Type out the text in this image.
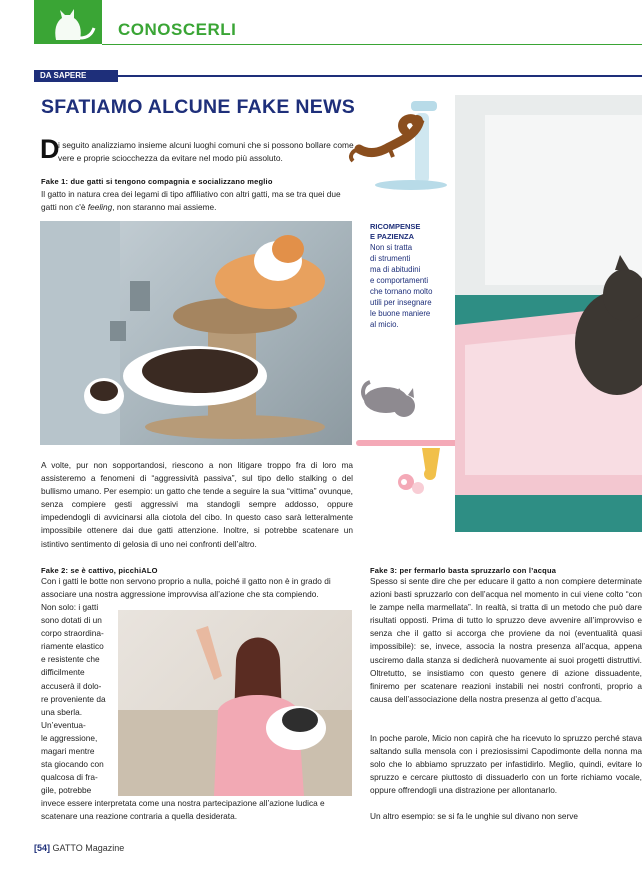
CONOSCERLI
DA SAPERE
SFATIAMO ALCUNE FAKE NEWS
D
i seguito analizziamo insieme alcuni luoghi comuni che si possono bollare come vere e proprie sciocchezza da evitare nel modo più assoluto.
Fake 1: due gatti si tengono compagnia e socializzano meglio
Il gatto in natura crea dei legami di tipo affiliativo con altri gatti, ma se tra quei due gatti non c'è feeling, non staranno mai assieme.
RICOMPENSE
E PAZIENZA
Non si tratta
di strumenti
ma di abitudini
e comportamenti
che tornano molto
utili per insegnare
le buone maniere
al micio.
A volte, pur non sopportandosi, riescono a non litigare troppo fra di loro ma assisteremo a fenomeni di “aggressività passiva”, sul tipo dello stalking o del bullismo umano. Per esempio: un gatto che tende a seguire la sua “vittima” ovunque, senza compiere gesti aggressivi ma standogli sempre addosso, oppure impedendogli di avvicinarsi alla ciotola del cibo. In questo caso sarà letteralmente impossibile ottenere dai due gatti attenzione. Inoltre, si potrebbe scatenare un istintivo sentimento di gelosia di uno nei confronti dell’altro.
Fake 2: se è cattivo, picchiALO
Con i gatti le botte non servono proprio a nulla, poiché il gatto non è in grado di associare una nostra aggressione improvvisa all’azione che sta compiendo.
Non solo: i gatti
sono dotati di un
corpo straordina-
riamente elastico
e resistente che
difficilmente
accuserà il dolo-
re proveniente da
una sberla.
Un’eventua-
le aggressione,
magari mentre
sta giocando con
qualcosa di fra-
gile, potrebbe
invece essere interpretata come una nostra partecipazione all’azione ludica e scatenare una reazione contraria a quella desiderata.
Fake 3: per fermarlo basta spruzzarlo con l’acqua
Spesso si sente dire che per educare il gatto a non compiere determinate azioni basti spruzzarlo con dell’acqua nel momento in cui viene colto “con le zampe nella marmellata”. In realtà, si tratta di un metodo che può dare risultati opposti. Prima di tutto lo spruzzo deve avvenire all’improvviso e senza che il gatto si accorga che proviene da noi (eventualità quasi impossibile): se, invece, associa la nostra presenza all’acqua, appena usciremo dalla stanza si dedicherà nuovamente ai suoi progetti distruttivi. Oltretutto, se insistiamo con questo genere di azione dissuadente, finiremo per scatenare reazioni instabili nei nostri confronti, proprio a causa dell’associazione della nostra presenza al getto d’acqua.
In poche parole, Micio non capirà che ha ricevuto lo spruzzo perché stava saltando sulla mensola con i preziosissimi Capodimonte della nonna ma solo che lo abbiamo spruzzato per infastidirlo. Meglio, quindi, evitare lo spruzzo e cercare piuttosto di dissuaderlo con un forte richiamo vocale, oppure offrendogli una distrazione per allontanarlo.
Un altro esempio: se si fa le unghie sul divano non serve
[54] GATTO Magazine
